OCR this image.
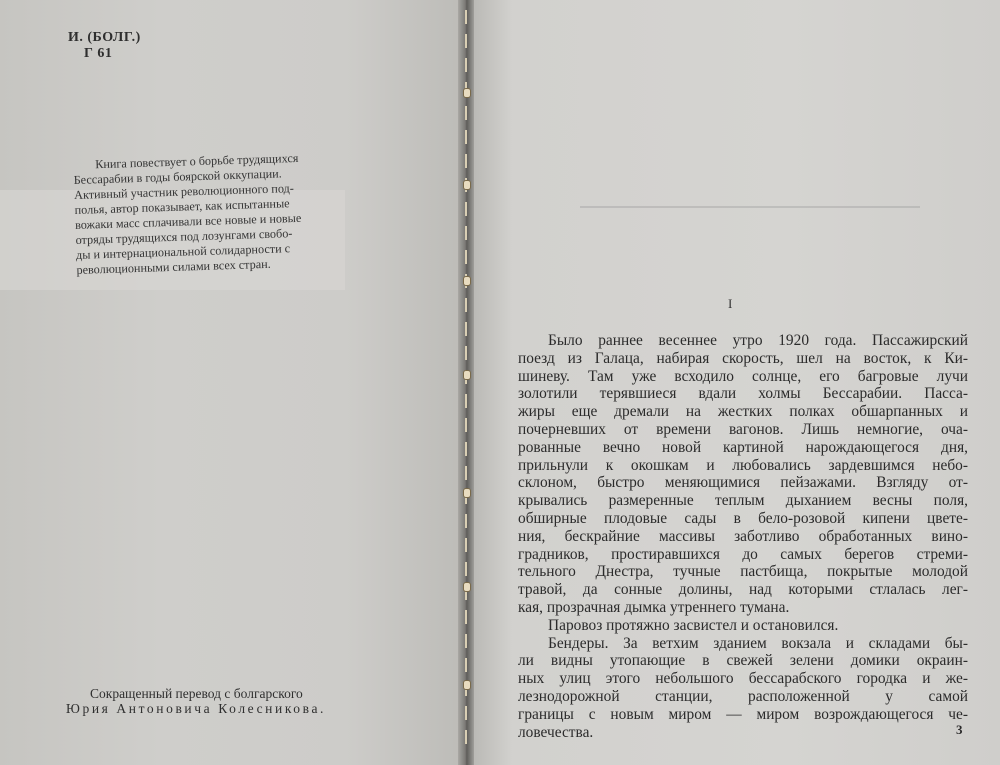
И. (БОЛГ.)
Г 61
Книга повествует о борьбе трудящихся
Бессарабии в годы боярской оккупации.
Активный участник революционного под-
полья, автор показывает, как испытанные
вожаки масс сплачивали все новые и новые
отряды трудящихся под лозунгами свобо-
ды и интернациональной солидарности с
революционными силами всех стран.
Сокращенный перевод с болгарского
Юрия Антоновича Колесникова.
I
Было раннее весеннее утро 1920 года. Пассажирский
поезд из Галаца, набирая скорость, шел на восток, к Ки-
шиневу. Там уже всходило солнце, его багровые лучи
золотили терявшиеся вдали холмы Бессарабии. Пасса-
жиры еще дремали на жестких полках обшарпанных и
почерневших от времени вагонов. Лишь немногие, оча-
рованные вечно новой картиной нарождающегося дня,
прильнули к окошкам и любовались зардевшимся небо-
склоном, быстро меняющимися пейзажами. Взгляду от-
крывались размеренные теплым дыханием весны поля,
обширные плодовые сады в бело-розовой кипени цвете-
ния, бескрайние массивы заботливо обработанных вино-
градников, простиравшихся до самых берегов стреми-
тельного Днестра, тучные пастбища, покрытые молодой
травой, да сонные долины, над которыми стлалась лег-
кая, прозрачная дымка утреннего тумана.
Паровоз протяжно засвистел и остановился.
Бендеры. За ветхим зданием вокзала и складами бы-
ли видны утопающие в свежей зелени домики окраин-
ных улиц этого небольшого бессарабского городка и же-
лезнодорожной станции, расположенной у самой
границы с новым миром — миром возрождающегося че-
ловечества.	3
